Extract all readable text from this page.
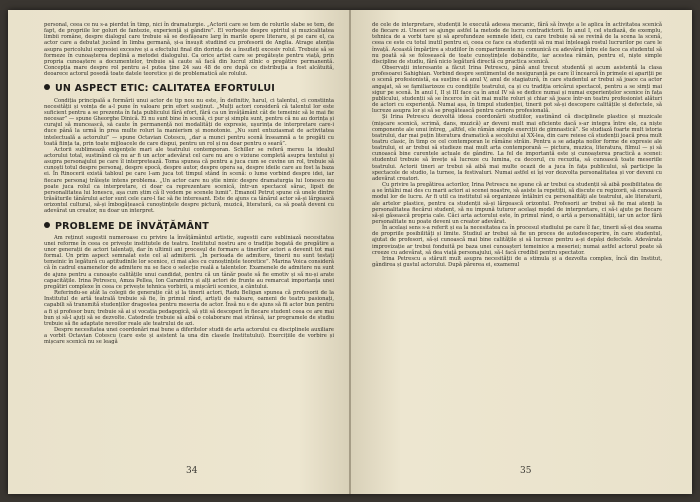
personal, ceea ce nu s-a pierdut în timp, nici în dramaturgie. „Actorii care se tem de rolurile slabe se tem, de fapt, de propriile lor goluri de fantezie, experiență și gândire”. El vorbește despre spiritul și muzicalitatea limbii române, despre dialogul care trebuie să se desfășoare larg în marile opere literare, și pe care el, ca actor care a debutat jucând în limba germană, și-a însușit studiind cu profesorii de Anglia. Atrage atenția asupra pericolului expresiei excesive și a efectului final din dorința de a însufleți excesiv rolul. Trebuie să se formeze în cunoașterea deplină a metodei dialogului. Ca orice artist care se pregătește pentru viață, prin propria cunoaștere a documentelor, trebuie să caute să facă din lucrul zilnic o pregătire permanentă. Concepția mare despre rol pentru a-l putea ține 24 sau 48 de ore după ce distribuția a fost alcătuită, deoarece actorul posedă toate datele teoretice și de problematică ale rolului.

UN ASPECT ETIC: CALITATEA EFORTULUI

Condiția principală a formării unui actor de tip nou nu este, în definitiv, harul, ci talentul, ci constiinta necesității și voința de a-l pune în valoare prin efort susținut. „Mulți actori consideră că talentul lor este suficient pentru a se prezenta în fața publicului fără efort, fără ca un învățământ cât de temeinic să le mai fie necesar” — spune Gheorghe Dinică. Ei nu sunt bine în scenă, ci pur și simplu sunt, pentru că nu au dorința și curajul să muncească, să caute în permanență noi modalități de expresie, ușurința de interpretare care-i duce până la urmă în prea multe roluri la manierism și monotonie. „Nu sunt entuziasmat de activitatea intelectuală a actorului” — spune Octavian Cotescu, „dar a munci pentru scenă înseamnă a te pregăti cu toată ființa ta, prin toate mijloacele de care dispui, pentru un rol și nu doar pentru o seară”.

Actorii sublimează exigențele mari ale teatrului contemporan. Schiller se referă mereu la idealul actorului total, sustinând că nu ar fi un actor adevărat cel care nu are o viziune completă asupra textului și asupra personajului pe care îl interpretează. Toma spunea că pentru a juca cum se cuvine un rol, trebuie să cunoști totul despre personaj, despre epocă, despre autor, despre opera sa, despre ideile care au fost la baza ei. În Rinocerii există tabloul pe care l-am juca tot timpul stând în scenă: o lume vorbind despre idei, iar fiecare personaj trăiește intens problema. „Un actor care nu știe nimic despre dramaturgia lui Ionesco nu poate juca rolul ca interpretare, ci doar ca reprezentare scenică, într-un spectacol sărac, lipsit de personalitatea lui Ionescu, așa cum știm că îl vedem pe scenele lumii”. Emanoil Petruț spune că unele dintre trăsăturile tânărului actor sunt cele care-l fac să fie interesant. Este de ajuns ca tânărul actor să-și lărgească orizontul cultural, să-și îmbogățească cunoștințele despre pictură, muzică, literatură, ca să poată deveni cu adevărat un creator, nu doar un interpret.

PROBLEME DE ÎNVĂȚĂMÂNT

Am reținut sugestii numeroase cu privire la învățământul artistic, sugestii care subliniază necesitatea unei reforme în ceea ce privește institutele de teatru. Institutul nostru are o tradiție bogată de pregătire a unor generații de actori talentați, dar în ultimii ani procesul de formare a tinerilor actori a devenit tot mai formal. Un prim aspect semnalat este cel al admiterii. „În perioada de admitere, tinerii nu sunt testați temeinic în legătură cu aptitudinile lor scenice, ci mai ales cu cunoștințele teoretice”. Marina Voica consideră că în cadrul examenelor de admitere nu se face o selecție reală a talentelor. Examenele de admitere nu sunt de ajuns pentru a cunoaște calitățile unui candidat, pentru că un tânăr poate să fie emotiv și să nu-și arate capacitățile. Irina Petrescu, Amza Pellea, Ion Caramitru și alți actori de frunte au remarcat importanța unei pregătiri complexe în ceea ce privește tehnica vorbirii, a mișcării scenice, a cântului.

Referindu-se atât la colegii de generație cât și la tinerii actori, Radu Beligan spunea că profesorii de la Institutul de artă teatrală trebuie să fie, în primul rând, artiști de valoare, oameni de teatru pasionați, capabili să transmită studenților dragostea pentru meseria de actor. Însă nu e de ajuns să fii actor bun pentru a fi și profesor bun; trebuie să ai și vocația pedagogică, să știi să descoperi în fiecare student ceea ce are mai bun și să-l ajuți să se dezvolte. Catedrele trebuie să aibă o colaborare mai strânsă, iar programele de studiu trebuie să fie adaptate nevoilor reale ale teatrului de azi.

Despre necesitatea unei coordonări mai bune a diferitelor studii de arta actorului cu disciplinele auxiliare a vorbit Octavian Cotescu (care este și asistent la una din clasele Institutului). Exercițiile de vorbire și mișcare scenică nu se leagă

34

de cele de interpretare, studenții le execută adesea mecanic, fără să învețe a le aplica în activitatea scenică de fiecare zi. Uneori se ajunge astfel la metode de lucru contradictorii. În anul I, cel studiază, de exemplu, tehnica de a vorbi tare și să aprofundeze semnele ideii, cu care trebuie să se revină de la scena la scenă, ceea ce este cu totul inutil pentru ei, ceea ce face ca studenții să nu mai înțeleagă rostul lucrurilor pe care le învață. Această împărțire a studiilor în compartimente nu comunică cu adevărat între ele face ca studentul să nu poată să se folosească de toate cunoștințele dobândite, iar acestea rămân, pentru el, niște simple discipline de studiu, fără nicio legătură directă cu practica scenică.

Observații interesante a făcut Irina Petrescu, până anul trecut studentă și acum asistentă la clasa profesoarei Sahighian. Vorbind despre sentimentul de nesiguranță pe care îl încearcă în primele ei apariții pe o scenă profesionistă, ea susține că anul V, anul de stagiatură, în care studentul ar trebui să joace ca actor angajat, să se familiarizeze cu condițiile teatrului, ca și cu tradiția oricărui spectacol, pentru a se simți mai sigur pe scenă. În anul I, II și III face ca în anul IV să se dedice numai și numai experiențelor scenice în fața publicului, studenții să se încerce în cât mai multe roluri și chiar să joace într-un teatru profesionist alături de actori cu experiență. Numai așa, în timpul studenției, tinerii pot să-și descopere calitățile și defectele, să lucreze asupra lor și să se pregătească pentru cariera profesională.

Și Irina Petrescu dezvoltă ideea coordonării studiilor, sustinând că disciplinele plastice și muzicale (mișcare scenică, scrimă, dans, muzică) ar deveni mult mai eficiente dacă s-ar integra între ele, ca niște componente ale unui întreg, „altfel, ele rămân simple exerciții de gimnastică”. Se studiază foarte mult istoria teatrului, dar mai puțin literatura dramatică a secolului al XX-lea, din care reiese că studenții joacă prea mult teatru clasic, în timp ce cel contemporan le rămâne străin. Pentru a se adapta noilor forme de expresie ale teatrului, ei ar trebui să studieze mai mult arta contemporană — pictura, muzica, literatura, filmul — și să cunoască bine curentele actuale de gândire. La fel de importantă este și cunoașterea practică a scenei: studentul trebuie să învețe să lucreze cu lumina, cu decorul, cu recuzita, să cunoască toate meseriile teatrului. Actorii tineri ar trebui să aibă mai multe ocazii de a juca în fața publicului, să participe la spectacole de studio, la turnee, la festivaluri. Numai astfel ei își vor dezvolta personalitatea și vor deveni cu adevărat creatori.

Cu privire la pregătirea actorilor, Irina Petrescu ne spune că ar trebui ca studenții să aibă posibilitatea de a se întâlni mai des cu marii actori ai scenei noastre, să asiste la repetiții, să discute cu regizorii, să cunoască modul lor de lucru. Ar fi util ca institutul să organizeze întâlniri cu personalități ale teatrului, ale literaturii, ale artelor plastice, pentru ca studenții să-și lărgească orizontul. Profesorii ar trebui să fie mai atenți la personalitatea fiecărui student, să nu impună tuturor același model de interpretare, ci să-i ajute pe fiecare să-și găsească propria cale. Căci arta actorului este, în primul rând, o artă a personalității, iar un actor fără personalitate nu poate deveni un creator adevărat.

În același sens s-a referit și ea la necesitatea ca în procesul studiului pe care îl fac, tinerii să-și dea seama de propriile posibilități și limite. Studiul ar trebui să fie un proces de autodescoperire, în care studentul, ajutat de profesori, să-și cunoască mai bine calitățile și să lucreze pentru a-și depăși defectele. Adevărata improvizație ar trebui fonduită pe baza unei cunoașteri temeinice a meseriei; numai astfel actorul poate să creeze cu adevărat, să dea viață personajului, să-l facă credibil pentru spectator.

Irina Petrescu a stăruit mult asupra necesității de a stimula și a dezvolta complex, încă din Institut, gândirea și gustul actorului. După părerea ei, examenul

35
